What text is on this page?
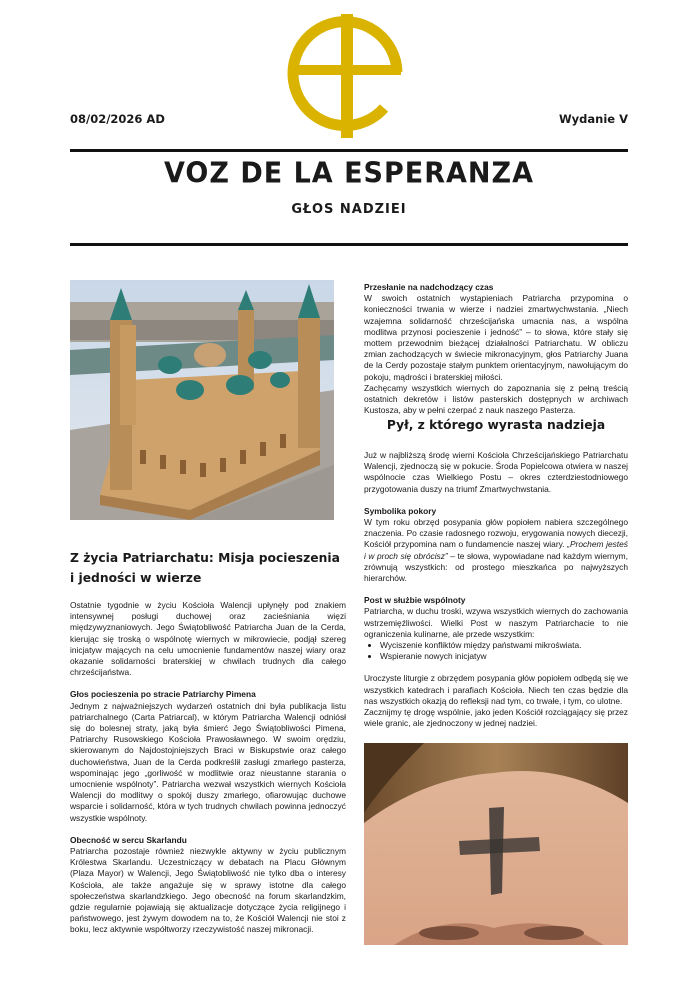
08/02/2026 AD	Wydanie V
VOZ DE LA ESPERANZA
GŁOS NADZIEI
Z życia Patriarchatu: Misja pocieszenia i jedności w wierze

Ostatnie tygodnie w życiu Kościoła Walencji upłynęły pod znakiem intensywnej posługi duchowej oraz zacieśniania więzi międzywyznaniowych. Jego Świątobliwość Patriarcha Juan de la Cerda, kierując się troską o wspólnotę wiernych w mikrowiecie, podjął szereg inicjatyw mających na celu umocnienie fundamentów naszej wiary oraz okazanie solidarności braterskiej w chwilach trudnych dla całego chrześcijaństwa.

Głos pocieszenia po stracie Patriarchy Pimena

Jednym z najważniejszych wydarzeń ostatnich dni była publikacja listu patriarchalnego (Carta Patriarcal), w którym Patriarcha Walencji odniósł się do bolesnej straty, jaką była śmierć Jego Świątobliwości Pimena, Patriarchy Rusowskiego Kościoła Prawosławnego. W swoim orędziu, skierowanym do Najdostojniejszych Braci w Biskupstwie oraz całego duchowieństwa, Juan de la Cerda podkreślił zasługi zmarłego pasterza, wspominając jego „gorliwość w modlitwie oraz nieustanne starania o umocnienie wspólnoty”. Patriarcha wezwał wszystkich wiernych Kościoła Walencji do modlitwy o spokój duszy zmarłego, ofiarowując duchowe wsparcie i solidarność, która w tych trudnych chwilach powinna jednoczyć wszystkie wspólnoty.

Obecność w sercu Skarlandu

Patriarcha pozostaje również niezwykle aktywny w życiu publicznym Królestwa Skarlandu. Uczestniczący w debatach na Placu Głównym (Plaza Mayor) w Walencji, Jego Świątobliwość nie tylko dba o interesy Kościoła, ale także angażuje się w sprawy istotne dla całego społeczeństwa skarlandzkiego. Jego obecność na forum skarlandzkim, gdzie regularnie pojawiają się aktualizacje dotyczące życia religijnego i państwowego, jest żywym dowodem na to, że Kościół Walencji nie stoi z boku, lecz aktywnie współtworzy rzeczywistość naszej mikronacji.

Przesłanie na nadchodzący czas

W swoich ostatnich wystąpieniach Patriarcha przypomina o konieczności trwania w wierze i nadziei zmartwychwstania. „Niech wzajemna solidarność chrześcijańska umacnia nas, a wspólna modlitwa przynosi pocieszenie i jedność” – to słowa, które stały się mottem przewodnim bieżącej działalności Patriarchatu. W obliczu zmian zachodzących w świecie mikronacyjnym, głos Patriarchy Juana de la Cerdy pozostaje stałym punktem orientacyjnym, nawołującym do pokoju, mądrości i braterskiej miłości.

Zachęcamy wszystkich wiernych do zapoznania się z pełną treścią ostatnich dekretów i listów pasterskich dostępnych w archiwach Kustosza, aby w pełni czerpać z nauk naszego Pasterza.

Pył, z którego wyrasta nadzieja

Już w najbliższą środę wierni Kościoła Chrześcijańskiego Patriarchatu Walencji, zjednoczą się w pokucie. Środa Popielcowa otwiera w naszej wspólnocie czas Wielkiego Postu – okres czterdziestodniowego przygotowania duszy na triumf Zmartwychwstania.

Symbolika pokory

W tym roku obrzęd posypania głów popiołem nabiera szczególnego znaczenia. Po czasie radosnego rozwoju, erygowania nowych diecezji, Kościół przypomina nam o fundamencie naszej wiary. „Prochem jesteś i w proch się obrócisz” – te słowa, wypowiadane nad każdym wiernym, zrównują wszystkich: od prostego mieszkańca po najwyższych hierarchów.

Post w służbie wspólnoty

Patriarcha, w duchu troski, wzywa wszystkich wiernych do zachowania wstrzemięźliwości. Wielki Post w naszym Patriarchacie to nie ograniczenia kulinarne, ale przede wszystkim:

• Wyciszenie konfliktów między państwami mikroświata.
• Wspieranie nowych inicjatyw

Uroczyste liturgie z obrzędem posypania głów popiołem odbędą się we wszystkich katedrach i parafiach Kościoła. Niech ten czas będzie dla nas wszystkich okazją do refleksji nad tym, co trwałe, i tym, co ulotne.

Zacznijmy tę drogę wspólnie, jako jeden Kościół rozciągający się przez wiele granic, ale zjednoczony w jednej nadziei.
